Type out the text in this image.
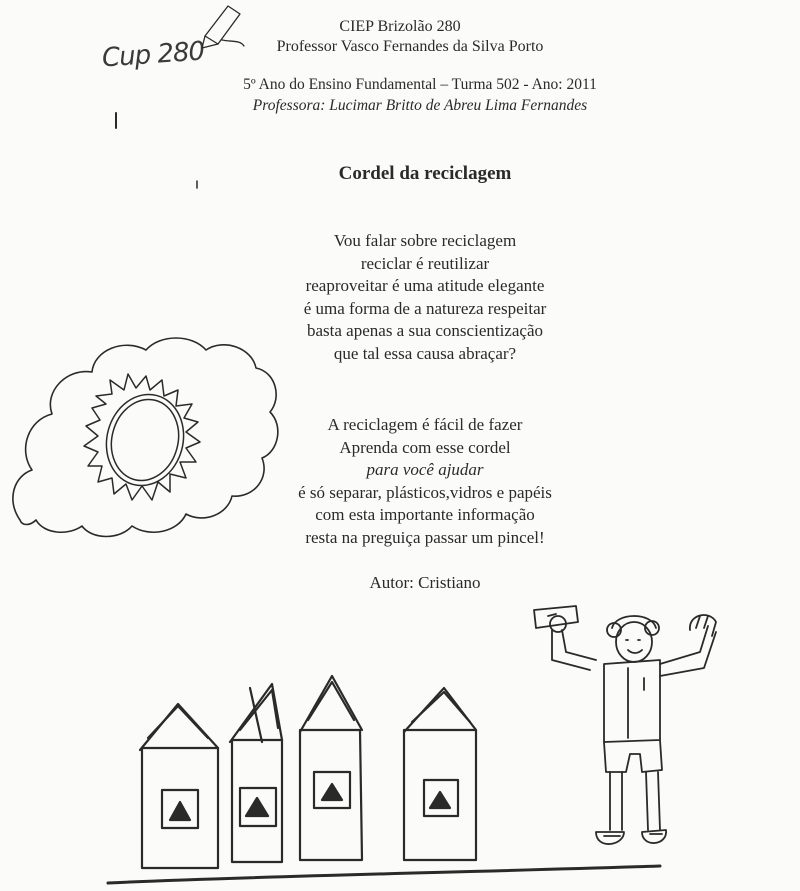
CIEP Brizolão 280
Professor Vasco Fernandes da Silva Porto
5º Ano do Ensino Fundamental – Turma 502 - Ano: 2011
Professora: Lucimar Britto de Abreu Lima Fernandes
Cup 280
Cordel da reciclagem
Vou falar sobre reciclagem
reciclar é reutilizar
reaproveitar é uma atitude elegante
é uma forma de a natureza respeitar
basta apenas a sua conscientização
que tal essa causa abraçar?
A reciclagem é fácil de fazer
Aprenda com esse cordel
para você ajudar
é só separar, plásticos,vidros e papéis
com esta importante informação
resta na preguiça passar um pincel!
Autor: Cristiano
